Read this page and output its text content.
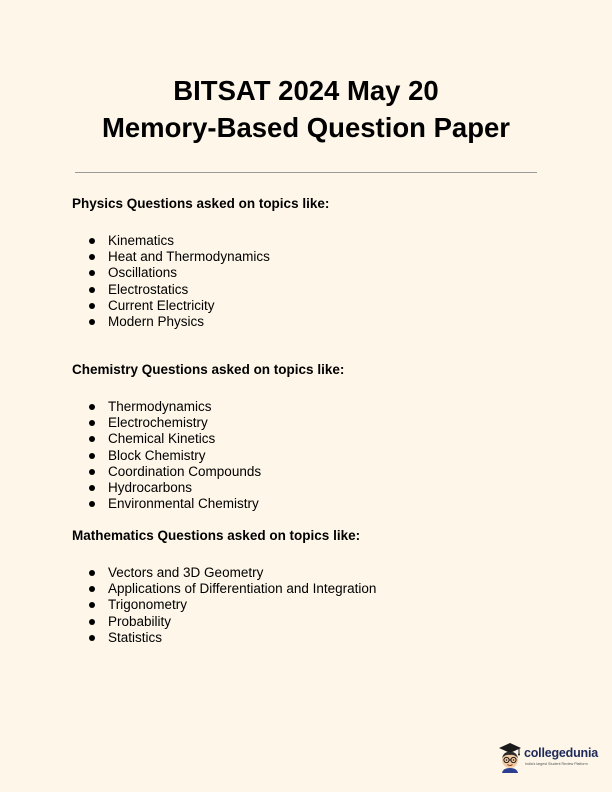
BITSAT 2024 May 20
Memory-Based Question Paper
Physics Questions asked on topics like:
Kinematics
Heat and Thermodynamics
Oscillations
Electrostatics
Current Electricity
Modern Physics
Chemistry Questions asked on topics like:
Thermodynamics
Electrochemistry
Chemical Kinetics
Block Chemistry
Coordination Compounds
Hydrocarbons
Environmental Chemistry
Mathematics Questions asked on topics like:
Vectors and 3D Geometry
Applications of Differentiation and Integration
Trigonometry
Probability
Statistics
collegedunia
India's largest Student Review Platform
